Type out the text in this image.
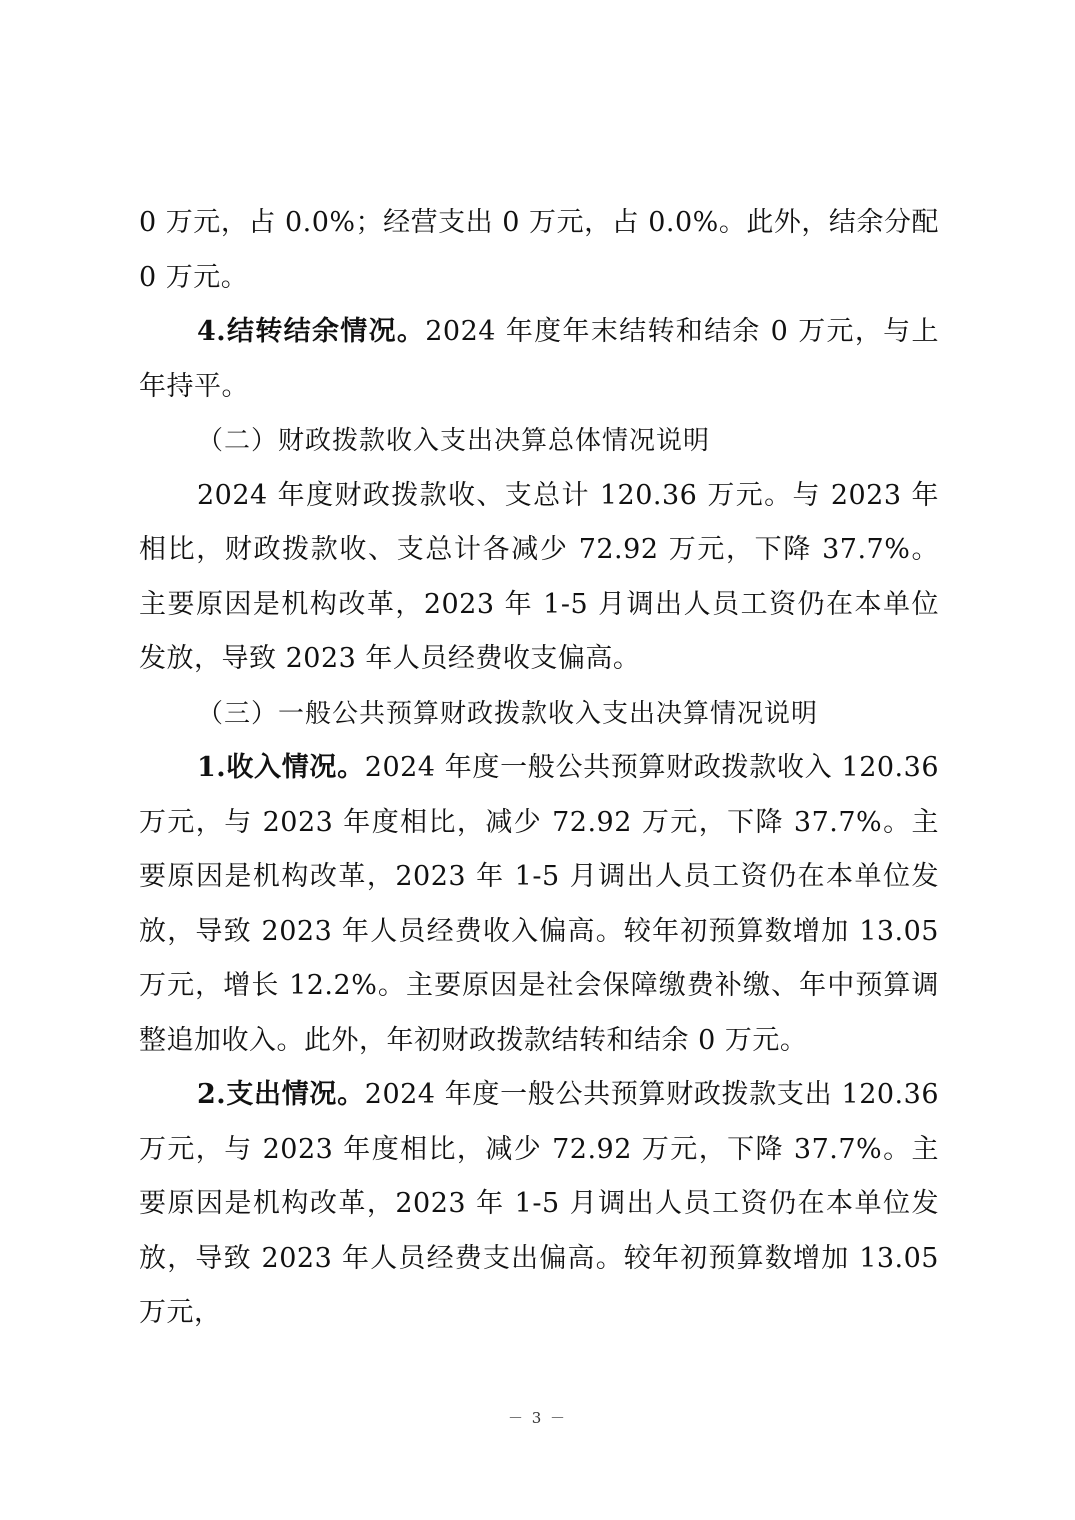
0 万元，占 0.0%；经营支出 0 万元，占 0.0%。此外，结余分配 0 万元。

4.结转结余情况。2024 年度年末结转和结余 0 万元，与上年持平。

（二）财政拨款收入支出决算总体情况说明

2024 年度财政拨款收、支总计 120.36 万元。与 2023 年相比，财政拨款收、支总计各减少 72.92 万元，下降 37.7%。主要原因是机构改革，2023 年 1-5 月调出人员工资仍在本单位发放，导致 2023 年人员经费收支偏高。

（三）一般公共预算财政拨款收入支出决算情况说明

1.收入情况。2024 年度一般公共预算财政拨款收入 120.36 万元，与 2023 年度相比，减少 72.92 万元，下降 37.7%。主要原因是机构改革，2023 年 1-5 月调出人员工资仍在本单位发放，导致 2023 年人员经费收入偏高。较年初预算数增加 13.05 万元，增长 12.2%。主要原因是社会保障缴费补缴、年中预算调整追加收入。此外，年初财政拨款结转和结余 0 万元。

2.支出情况。2024 年度一般公共预算财政拨款支出 120.36 万元，与 2023 年度相比，减少 72.92 万元，下降 37.7%。主要原因是机构改革，2023 年 1-5 月调出人员工资仍在本单位发放，导致 2023 年人员经费支出偏高。较年初预算数增加 13.05 万元，

－ 3 －
